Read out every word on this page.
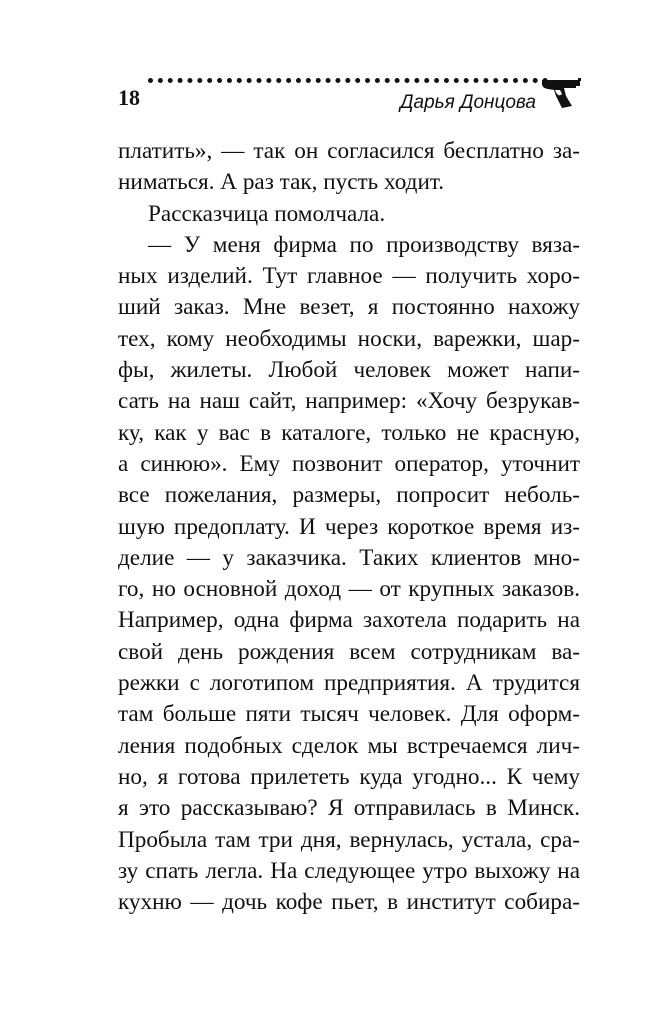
18	Дарья Донцова
платить», — так он согласился бесплатно за-
ниматься. А раз так, пусть ходит.
Рассказчица помолчала.
— У меня фирма по производству вяза-
ных изделий. Тут главное — получить хоро-
ший заказ. Мне везет, я постоянно нахожу
тех, кому необходимы носки, варежки, шар-
фы, жилеты. Любой человек может напи-
сать на наш сайт, например: «Хочу безрукав-
ку, как у вас в каталоге, только не красную,
а синюю». Ему позвонит оператор, уточнит
все пожелания, размеры, попросит неболь-
шую предоплату. И через короткое время из-
делие — у заказчика. Таких клиентов мно-
го, но основной доход — от крупных заказов.
Например, одна фирма захотела подарить на
свой день рождения всем сотрудникам ва-
режки с логотипом предприятия. А трудится
там больше пяти тысяч человек. Для оформ-
ления подобных сделок мы встречаемся лич-
но, я готова прилететь куда угодно... К чему
я это рассказываю? Я отправилась в Минск.
Пробыла там три дня, вернулась, устала, сра-
зу спать легла. На следующее утро выхожу на
кухню — дочь кофе пьет, в институт собира-
